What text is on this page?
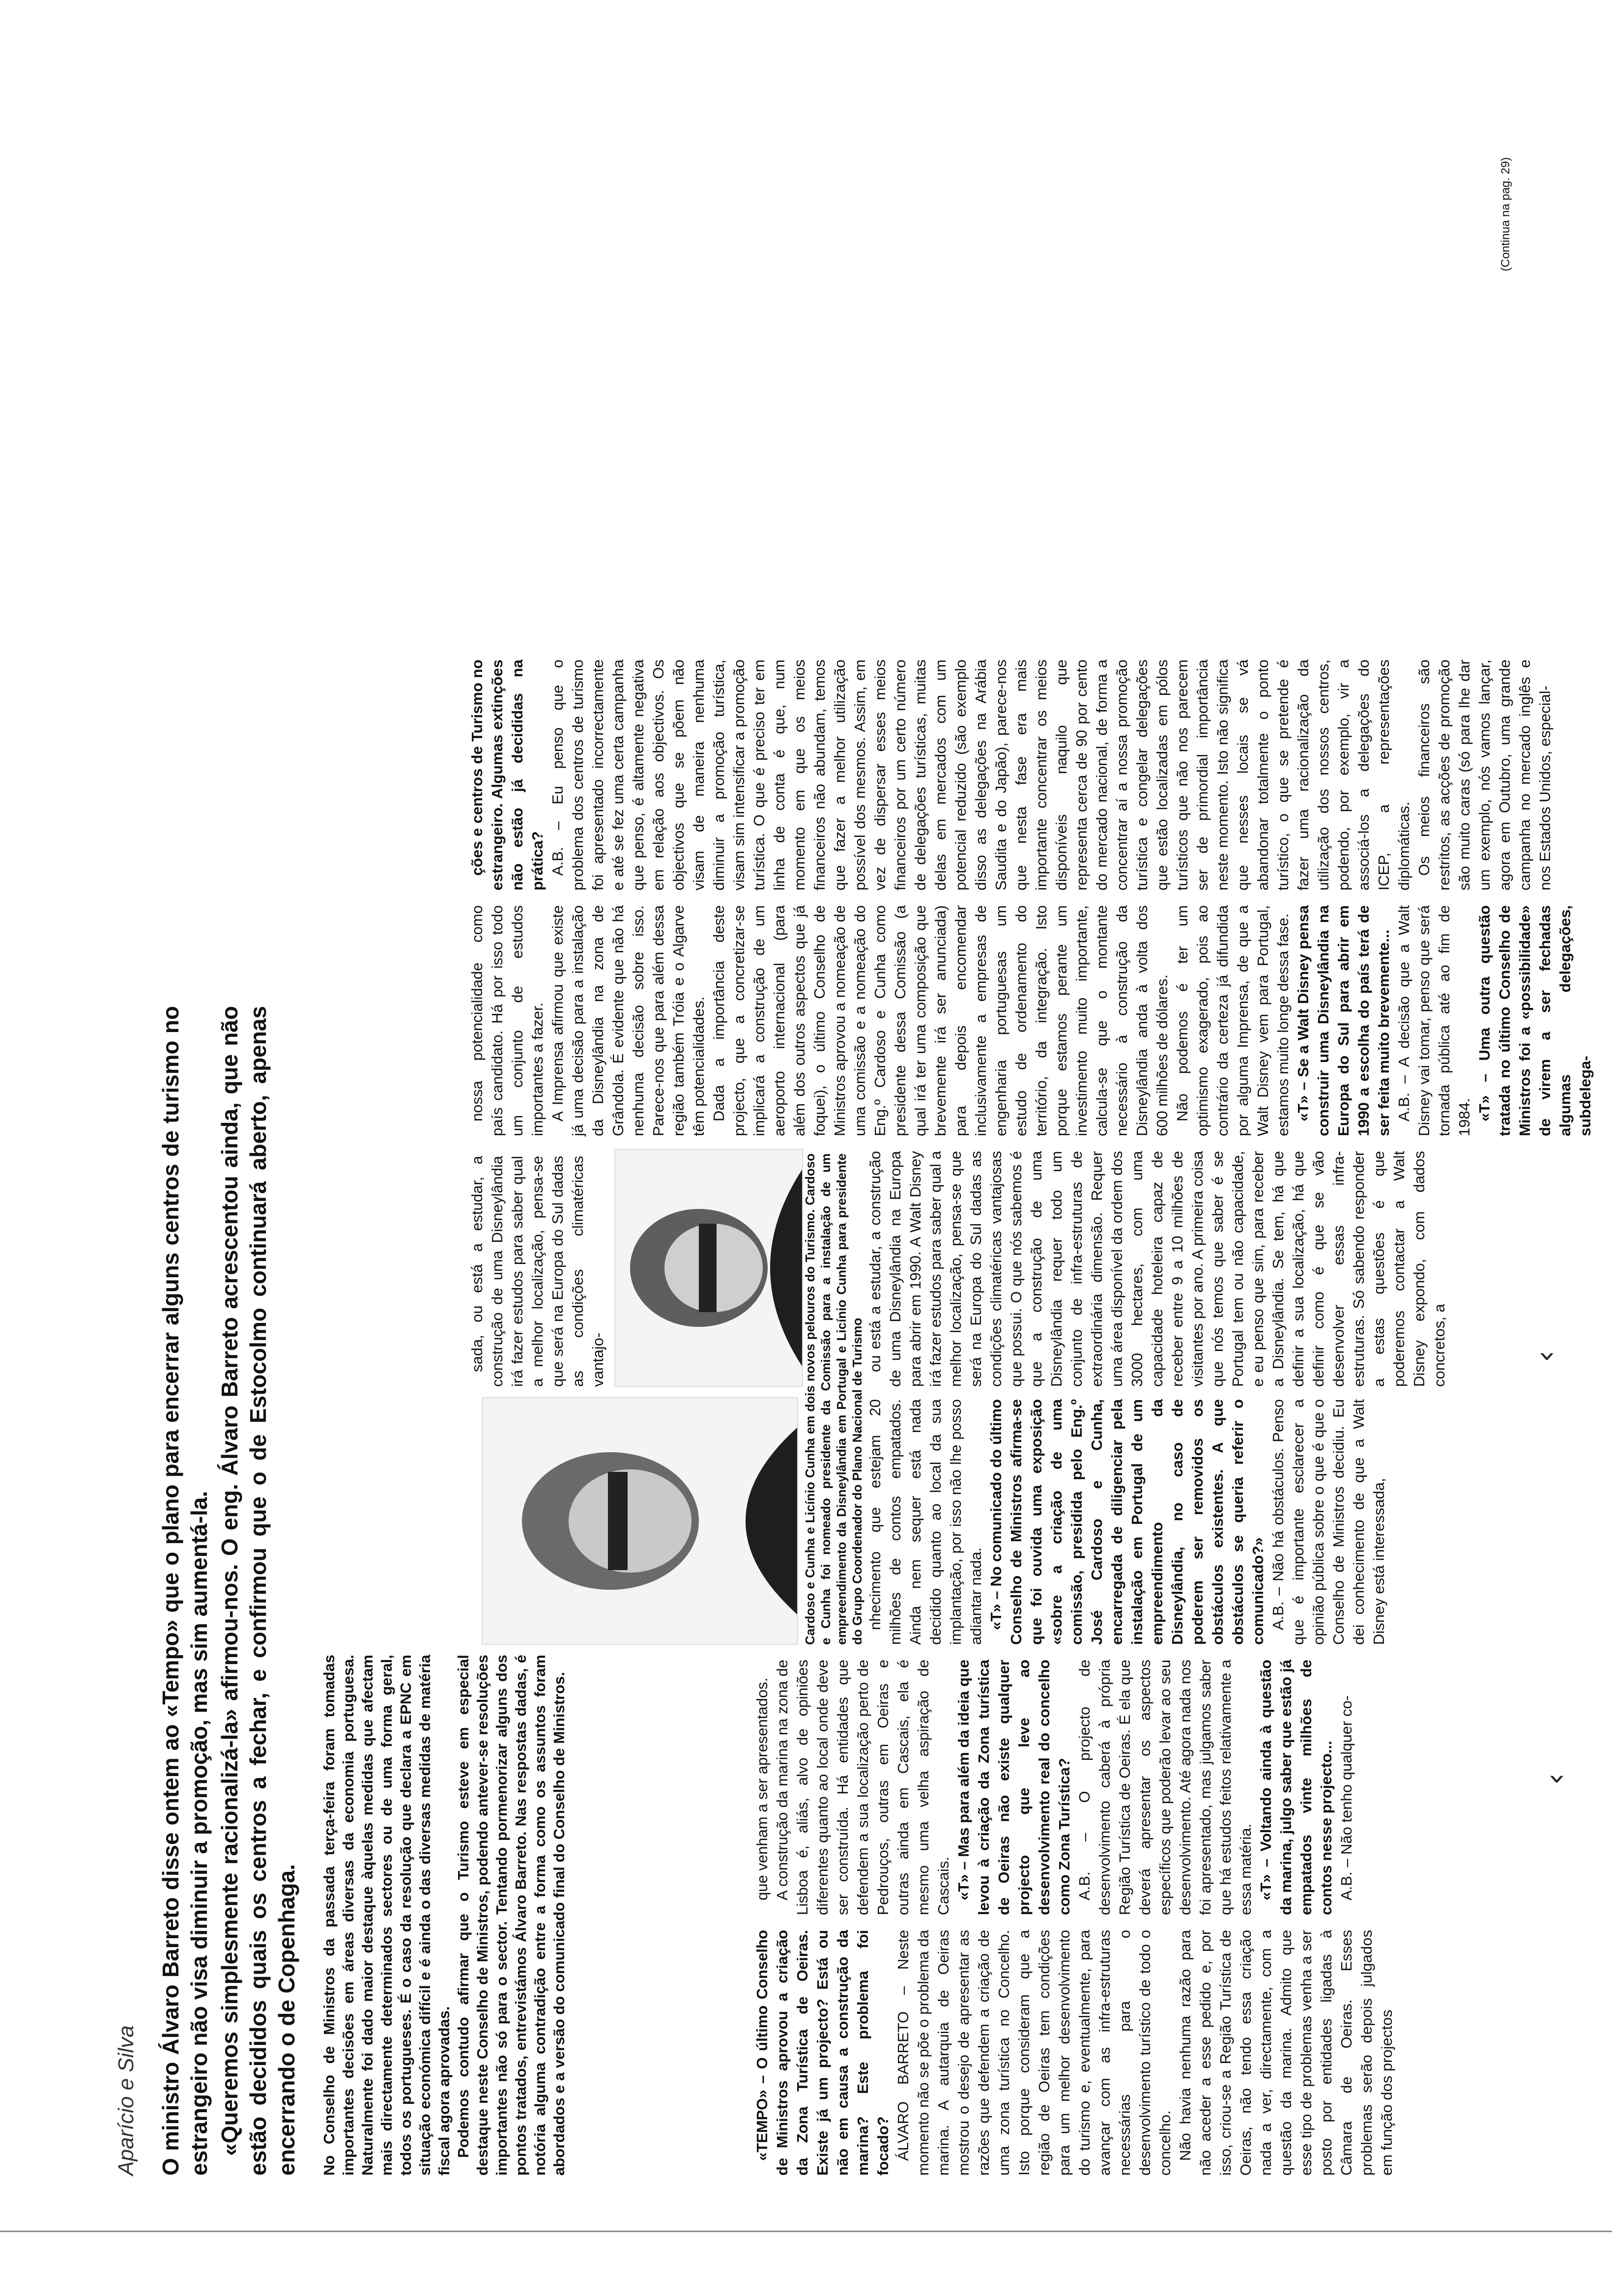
Aparício e Silva O ministro Álvaro Barreto disse ontem ao «Tempo» que o plano para encerrar alguns centros de turismo no estrangeiro não visa diminuir a promoção, mas sim aumentá-la. «Queremos simplesmente racionalizá-la» afirmou-nos. O eng. Álvaro Barreto acrescentou ainda, que não estão decididos quais os centros a fechar, e confirmou que o de Estocolmo continuará aberto, apenas encerrando o de Copenhaga. No Conselho de Ministros da passada terça-feira foram tomadas importantes decisões em áreas diversas da economia portuguesa. Naturalmente foi dado maior destaque àquelas medidas que afectam mais directamente determinados sectores ou de uma forma geral, todos os portugueses. É o caso da resolução que declara a EPNC em situação económica difícil e é ainda o das diversas medidas de matéria fiscal agora aprovadas. Podemos contudo afirmar que o Turismo esteve em especial destaque neste Conselho de Ministros, podendo antever-se resoluções importantes não só para o sector. Tentando pormenorizar alguns dos pontos tratados, entrevistámos Álvaro Barreto. Nas respostas dadas, é notória alguma contradição entre a forma como os assuntos foram abordados e a versão do comunicado final do Conselho de Ministros.	«TEMPO» – O último Conselho de Ministros aprovou a criação da Zona Turística de Oeiras. Existe já um projecto? Está ou não em causa a construção da marina? Este problema foi focado? ÁLVARO BARRETO – Neste momento não se põe o problema da marina. A autarquia de Oeiras mostrou o desejo de apresentar as razões que defendem a criação de uma zona turística no Concelho. Isto porque consideram que a região de Oeiras tem condições para um melhor desenvolvimento do turismo e, eventualmente, para avançar com as infra-estruturas necessárias para o desenvolvimento turístico de todo o concelho. Não havia nenhuma razão para não aceder a esse pedido e, por isso, criou-se a Região Turística de Oeiras, não tendo essa criação nada a ver, directamente, com a questão da marina. Admito que esse tipo de problemas venha a ser posto por entidades ligadas à Câmara de Oeiras. Esses problemas serão depois julgados em função dos projectos

que venham a ser apresentados. A construção da marina na zona de Lisboa é, aliás, alvo de opiniões diferentes quanto ao local onde deve ser construída. Há entidades que defendem a sua localização perto de Pedrouços, outras em Oeiras e outras ainda em Cascais, ela é mesmo uma velha aspiração de Cascais. «T» – Mas para além da ideia que levou à criação da Zona turística de Oeiras não existe qualquer projecto que leve ao desenvolvimento real do concelho como Zona Turística? A.B. – O projecto de desenvolvimento caberá à própria Região Turística de Oeiras. É ela que deverá apresentar os aspectos específicos que poderão levar ao seu desenvolvimento. Até agora nada nos foi apresentado, mas julgamos saber que há estudos feitos relativamente a essa matéria. «T» – Voltando ainda à questão da marina, julgo saber que estão já empatados vinte milhões de contos nesse projecto... A.B. – Não tenho qualquer co-

Cardoso e Cunha e Licínio Cunha em dois novos pelouros do Turismo. Cardoso e Cunha foi nomeado presidente da Comissão para a instalação de um empreendimento da Disneylândia em Portugal e Licínio Cunha para presidente do Grupo Coordenador do Plano Nacional de Turismo nhecimento que estejam 20 milhões de contos empatados. Ainda nem sequer está nada decidido quanto ao local da sua implantação, por isso não lhe posso adiantar nada. «T» – No comunicado do último Conselho de Ministros afirma-se que foi ouvida uma exposição «sobre a criação de uma comissão, presidida pelo Eng.º José Cardoso e Cunha, encarregada de diligenciar pela instalação em Portugal de um empreendimento da Disneylândia, no caso de poderem ser removidos os obstáculos existentes. A que obstáculos se queria referir o comunicado?» A.B. – Não há obstáculos. Penso que é importante esclarecer a opinião pública sobre o que é que o Conselho de Ministros decidiu. Eu dei conhecimento de que a Walt Disney está interessada,

sada, ou está a estudar, a construção de uma Disneylândia irá fazer estudos para saber qual a melhor localização, pensa-se que será na Europa do Sul dadas as condições climatéricas vantajo-	ou está a estudar, a construção de uma Disneylândia na Europa para abrir em 1990. A Walt Disney irá fazer estudos para saber qual a melhor localização, pensa-se que será na Europa do Sul dadas as condições climatéricas vantajosas que possui. O que nós sabemos é que a construção de uma Disneylândia requer todo um conjunto de infra-estruturas de extraordinária dimensão. Requer uma área disponível da ordem dos 3000 hectares, com uma capacidade hoteleira capaz de receber entre 9 a 10 milhões de visitantes por ano. A primeira coisa que nós temos que saber é se Portugal tem ou não capacidade, e eu penso que sim, para receber a Disneylândia. Se tem, há que definir a sua localização, há que definir como é que se vão desenvolver essas infra-estruturas. Só sabendo responder a estas questões é que poderemos contactar a Walt Disney expondo, com dados concretos, a

nossa potencialidade como país candidato. Há por isso todo um conjunto de estudos importantes a fazer. A Imprensa afirmou que existe já uma decisão para a instalação da Disneylândia na zona de Grândola. É evidente que não há nenhuma decisão sobre isso. Parece-nos que para além dessa região também Tróia e o Algarve têm potencialidades. Dada a importância deste projecto, que a concretizar-se implicará a construção de um aeroporto internacional (para além dos outros aspectos que já foquei), o último Conselho de Ministros aprovou a nomeação de uma comissão e a nomeação do Eng.º Cardoso e Cunha como presidente dessa Comissão (a qual irá ter uma composição que brevemente irá ser anunciada) para depois encomendar inclusivamente a empresas de engenharia portuguesas um estudo de ordenamento do território, da integração. Isto porque estamos perante um investimento muito importante, calcula-se que o montante necessário à construção da Disneylândia anda à volta dos 600 milhões de dólares. Não podemos é ter um optimismo exagerado, pois ao contrário da certeza já difundida por alguma Imprensa, de que a Walt Disney vem para Portugal, estamos muito longe dessa fase. «T» – Se a Walt Disney pensa construir uma Disneylândia na Europa do Sul para abrir em 1990 a escolha do país terá de ser feita muito brevemente... A.B. – A decisão que a Walt Disney vai tomar, penso que será tornada pública até ao fim de 1984. «T» – Uma outra questão tratada no último Conselho de Ministros foi a «possibilidade» de virem a ser fechadas algumas delegações, subdelega-

ções e centros de Turismo no estrangeiro. Algumas extinções não estão já decididas na prática? A.B. – Eu penso que o problema dos centros de turismo foi apresentado incorrectamente e até se fez uma certa campanha que penso, é altamente negativa em relação aos objectivos. Os objectivos que se põem não visam de maneira nenhuma diminuir a promoção turística, visam sim intensificar a promoção turística. O que é preciso ter em linha de conta é que, num momento em que os meios financeiros não abundam, temos que fazer a melhor utilização possível dos mesmos. Assim, em vez de dispersar esses meios financeiros por um certo número de delegações turísticas, muitas delas em mercados com um potencial reduzido (são exemplo disso as delegações na Arábia Saudita e do Japão), parece-nos que nesta fase era mais importante concentrar os meios disponíveis naquilo que representa cerca de 90 por cento do mercado nacional, de forma a concentrar aí a nossa promoção turística e congelar delegações que estão localizadas em pólos turísticos que não nos parecem ser de primordial importância neste momento. Isto não significa que nesses locais se vá abandonar totalmente o ponto turístico, o que se pretende é fazer uma racionalização da utilização dos nossos centros, podendo, por exemplo, vir a associá-los a delegações do ICEP, a representações diplomáticas. Os meios financeiros são restritos, as acções de promoção são muito caras (só para lhe dar um exemplo, nós vamos lançar, agora em Outubro, uma grande campanha no mercado inglês e nos Estados Unidos, especial-

(Continua na pag. 29)
‹
‹
